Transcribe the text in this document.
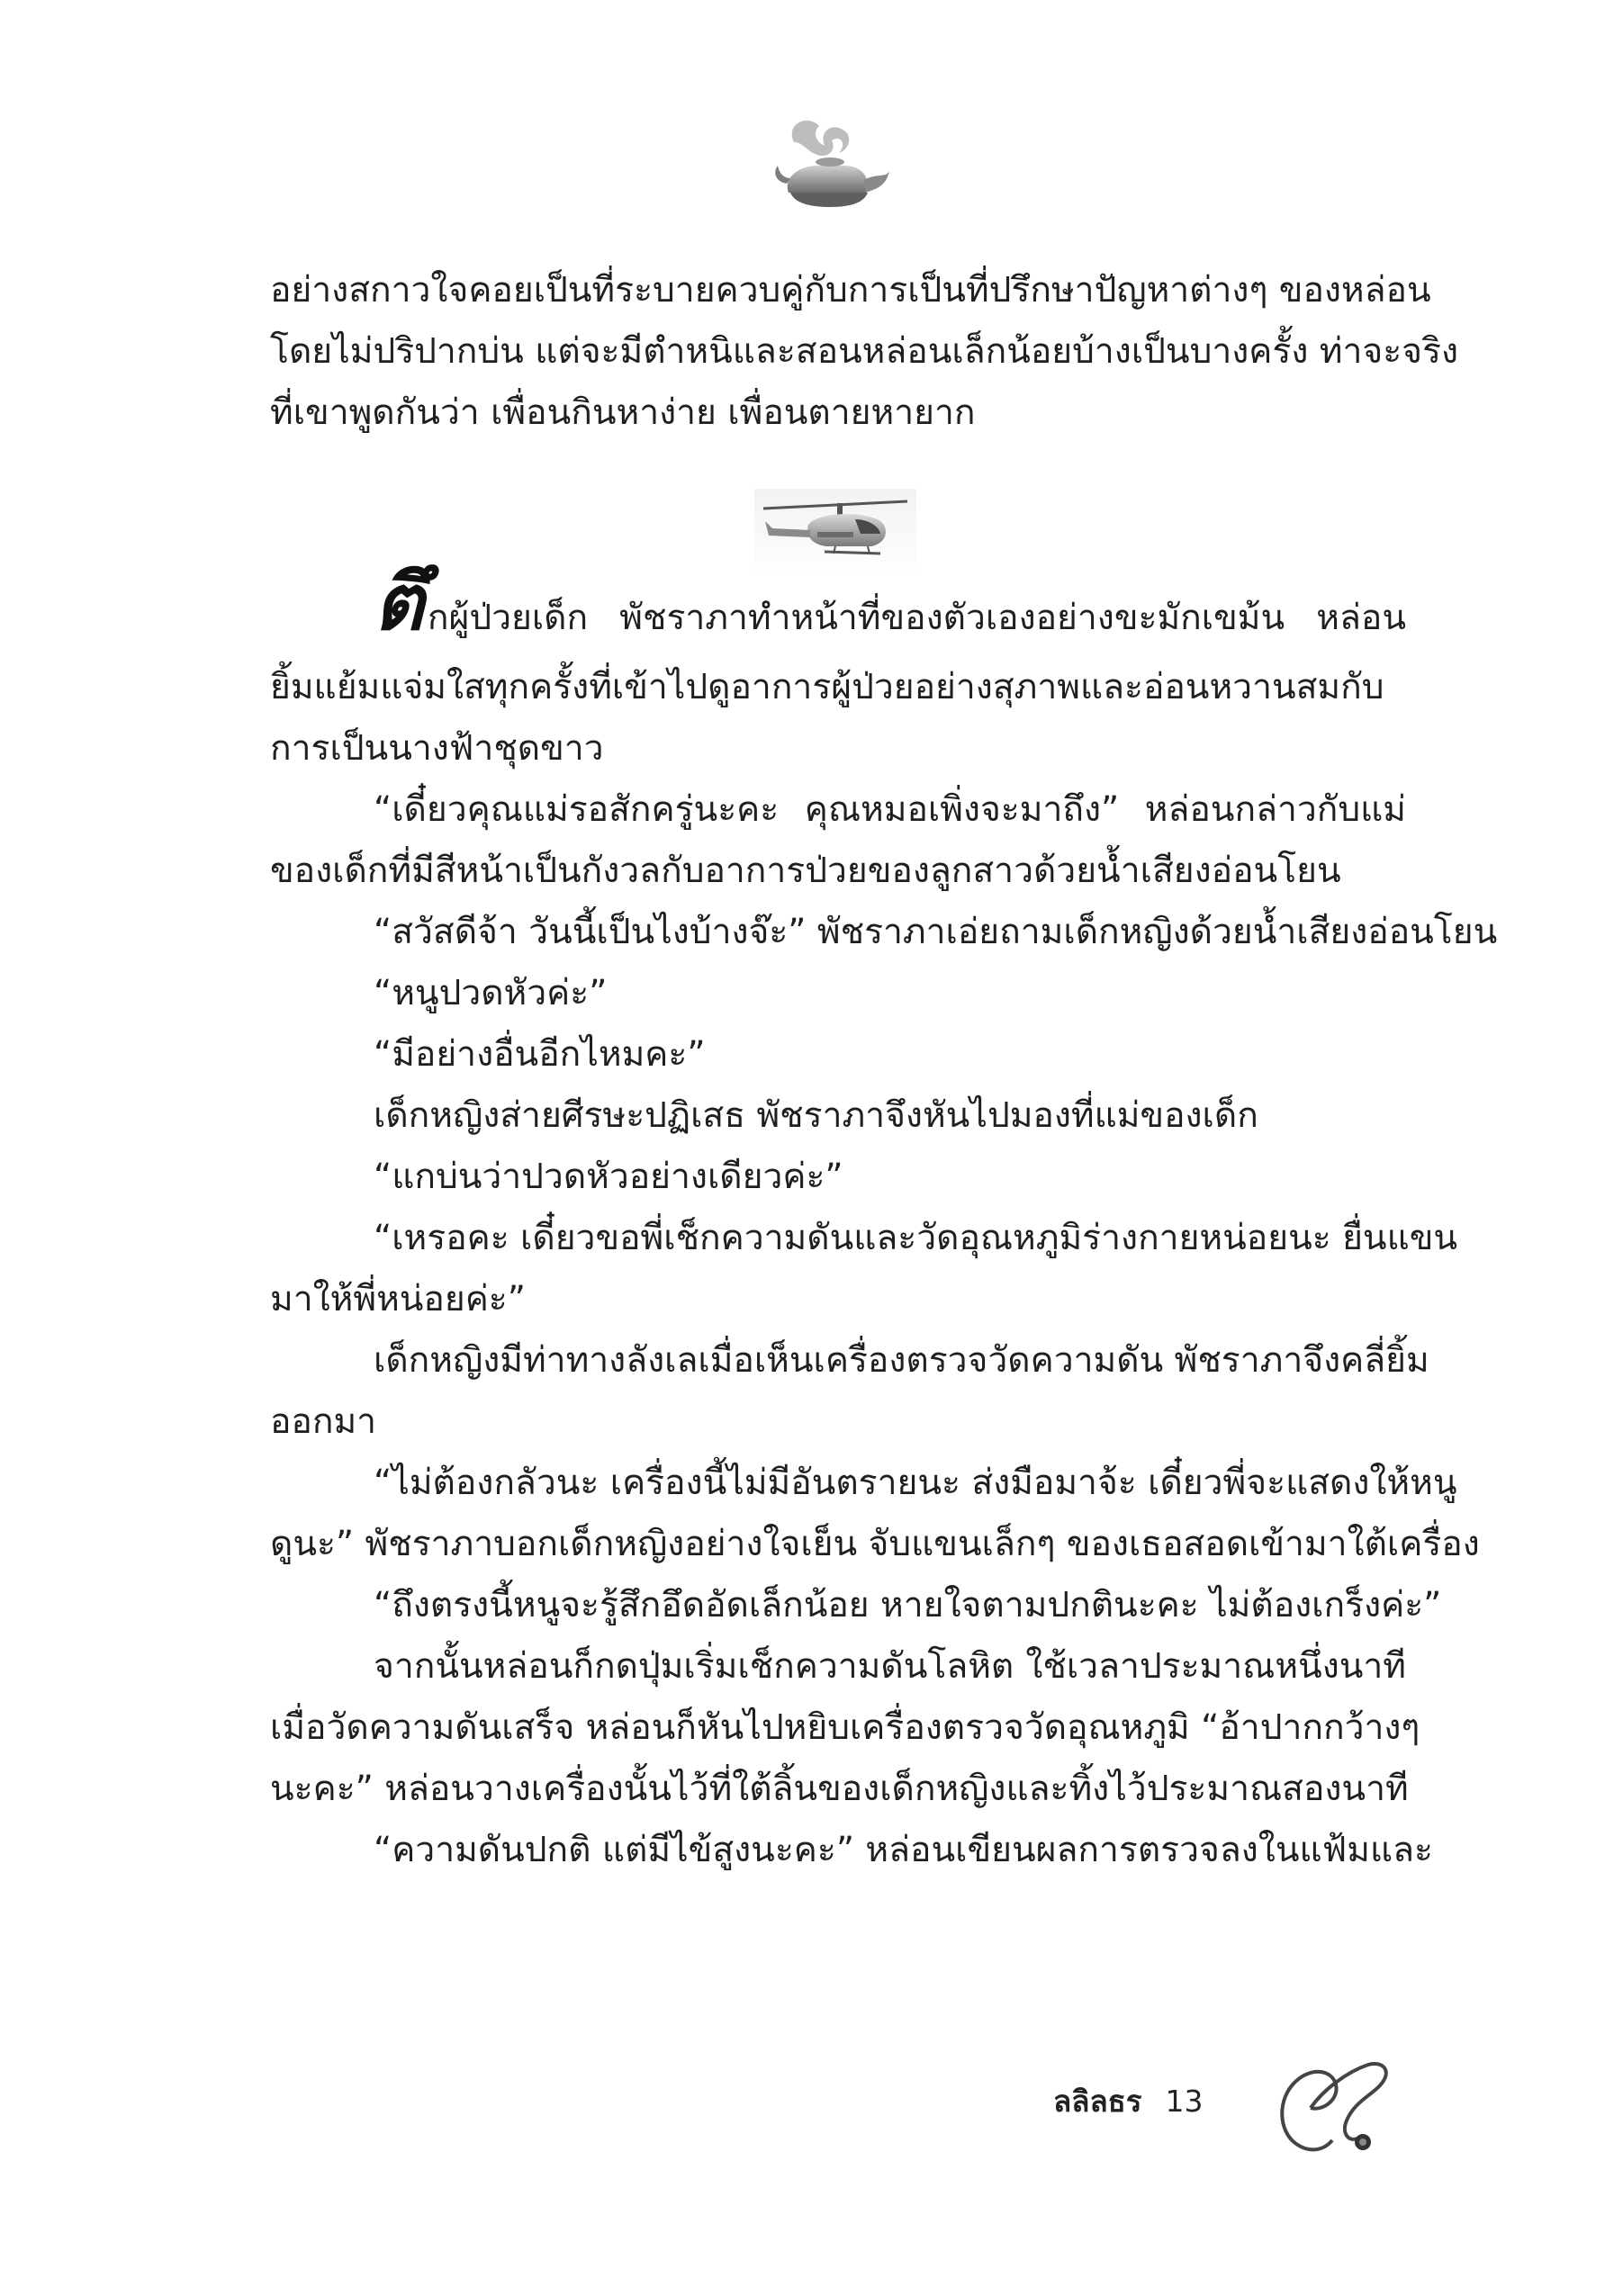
อย่างสกาวใจคอยเป็นที่ระบายควบคู่กับการเป็นที่ปรึกษาปัญหาต่างๆ ของหล่อน
โดยไม่ปริปากบ่น แต่จะมีตำหนิและสอนหล่อนเล็กน้อยบ้างเป็นบางครั้ง ท่าจะจริง
ที่เขาพูดกันว่า เพื่อนกินหาง่าย เพื่อนตายหายาก
ตึกผู้ป่วยเด็ก พัชราภาทำหน้าที่ของตัวเองอย่างขะมักเขม้น หล่อน
ยิ้มแย้มแจ่มใสทุกครั้งที่เข้าไปดูอาการผู้ป่วยอย่างสุภาพและอ่อนหวานสมกับ
การเป็นนางฟ้าชุดขาว
“เดี๋ยวคุณแม่รอสักครู่นะคะ คุณหมอเพิ่งจะมาถึง” หล่อนกล่าวกับแม่
ของเด็กที่มีสีหน้าเป็นกังวลกับอาการป่วยของลูกสาวด้วยน้ำเสียงอ่อนโยน
“สวัสดีจ้า วันนี้เป็นไงบ้างจ๊ะ” พัชราภาเอ่ยถามเด็กหญิงด้วยน้ำเสียงอ่อนโยน
“หนูปวดหัวค่ะ”
“มีอย่างอื่นอีกไหมคะ”
เด็กหญิงส่ายศีรษะปฏิเสธ พัชราภาจึงหันไปมองที่แม่ของเด็ก
“แกบ่นว่าปวดหัวอย่างเดียวค่ะ”
“เหรอคะ เดี๋ยวขอพี่เช็กความดันและวัดอุณหภูมิร่างกายหน่อยนะ ยื่นแขน
มาให้พี่หน่อยค่ะ”
เด็กหญิงมีท่าทางลังเลเมื่อเห็นเครื่องตรวจวัดความดัน พัชราภาจึงคลี่ยิ้ม
ออกมา
“ไม่ต้องกลัวนะ เครื่องนี้ไม่มีอันตรายนะ ส่งมือมาจ้ะ เดี๋ยวพี่จะแสดงให้หนู
ดูนะ” พัชราภาบอกเด็กหญิงอย่างใจเย็น จับแขนเล็กๆ ของเธอสอดเข้ามาใต้เครื่อง
“ถึงตรงนี้หนูจะรู้สึกอึดอัดเล็กน้อย หายใจตามปกตินะคะ ไม่ต้องเกร็งค่ะ”
จากนั้นหล่อนก็กดปุ่มเริ่มเช็กความดันโลหิต ใช้เวลาประมาณหนึ่งนาที
เมื่อวัดความดันเสร็จ หล่อนก็หันไปหยิบเครื่องตรวจวัดอุณหภูมิ “อ้าปากกว้างๆ
นะคะ” หล่อนวางเครื่องนั้นไว้ที่ใต้ลิ้นของเด็กหญิงและทิ้งไว้ประมาณสองนาที
“ความดันปกติ แต่มีไข้สูงนะคะ” หล่อนเขียนผลการตรวจลงในแฟ้มและ
ลลิลธร 13
